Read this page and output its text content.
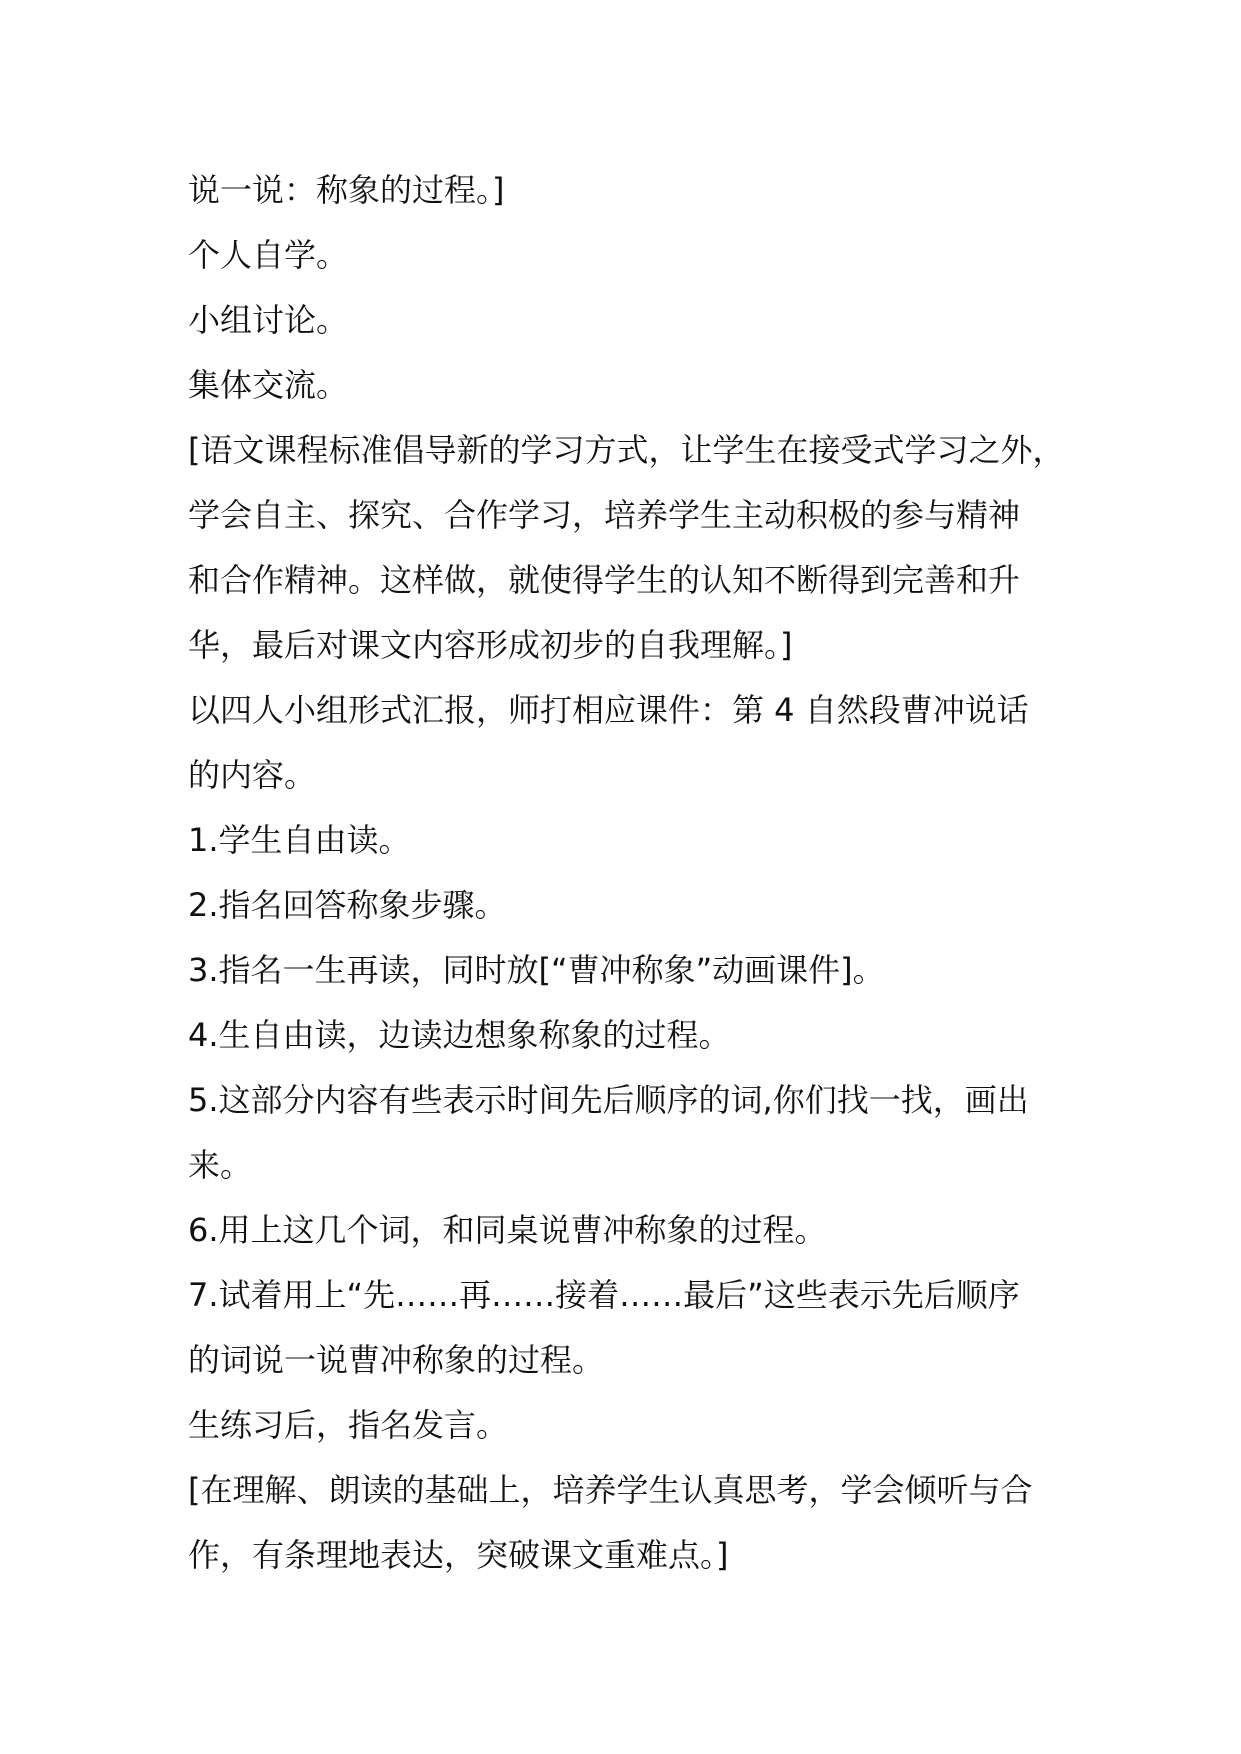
说一说：称象的过程。]
个人自学。
小组讨论。
集体交流。
[语文课程标准倡导新的学习方式，让学生在接受式学习之外，
学会自主、探究、合作学习，培养学生主动积极的参与精神
和合作精神。这样做，就使得学生的认知不断得到完善和升
华，最后对课文内容形成初步的自我理解。]
以四人小组形式汇报，师打相应课件：第 4 自然段曹冲说话
的内容。
1.学生自由读。
2.指名回答称象步骤。
3.指名一生再读，同时放[“曹冲称象”动画课件]。
4.生自由读，边读边想象称象的过程。
5.这部分内容有些表示时间先后顺序的词,你们找一找，画出
来。
6.用上这几个词，和同桌说曹冲称象的过程。
7.试着用上“先……再……接着……最后”这些表示先后顺序
的词说一说曹冲称象的过程。
生练习后，指名发言。
[在理解、朗读的基础上，培养学生认真思考，学会倾听与合
作，有条理地表达，突破课文重难点。]
